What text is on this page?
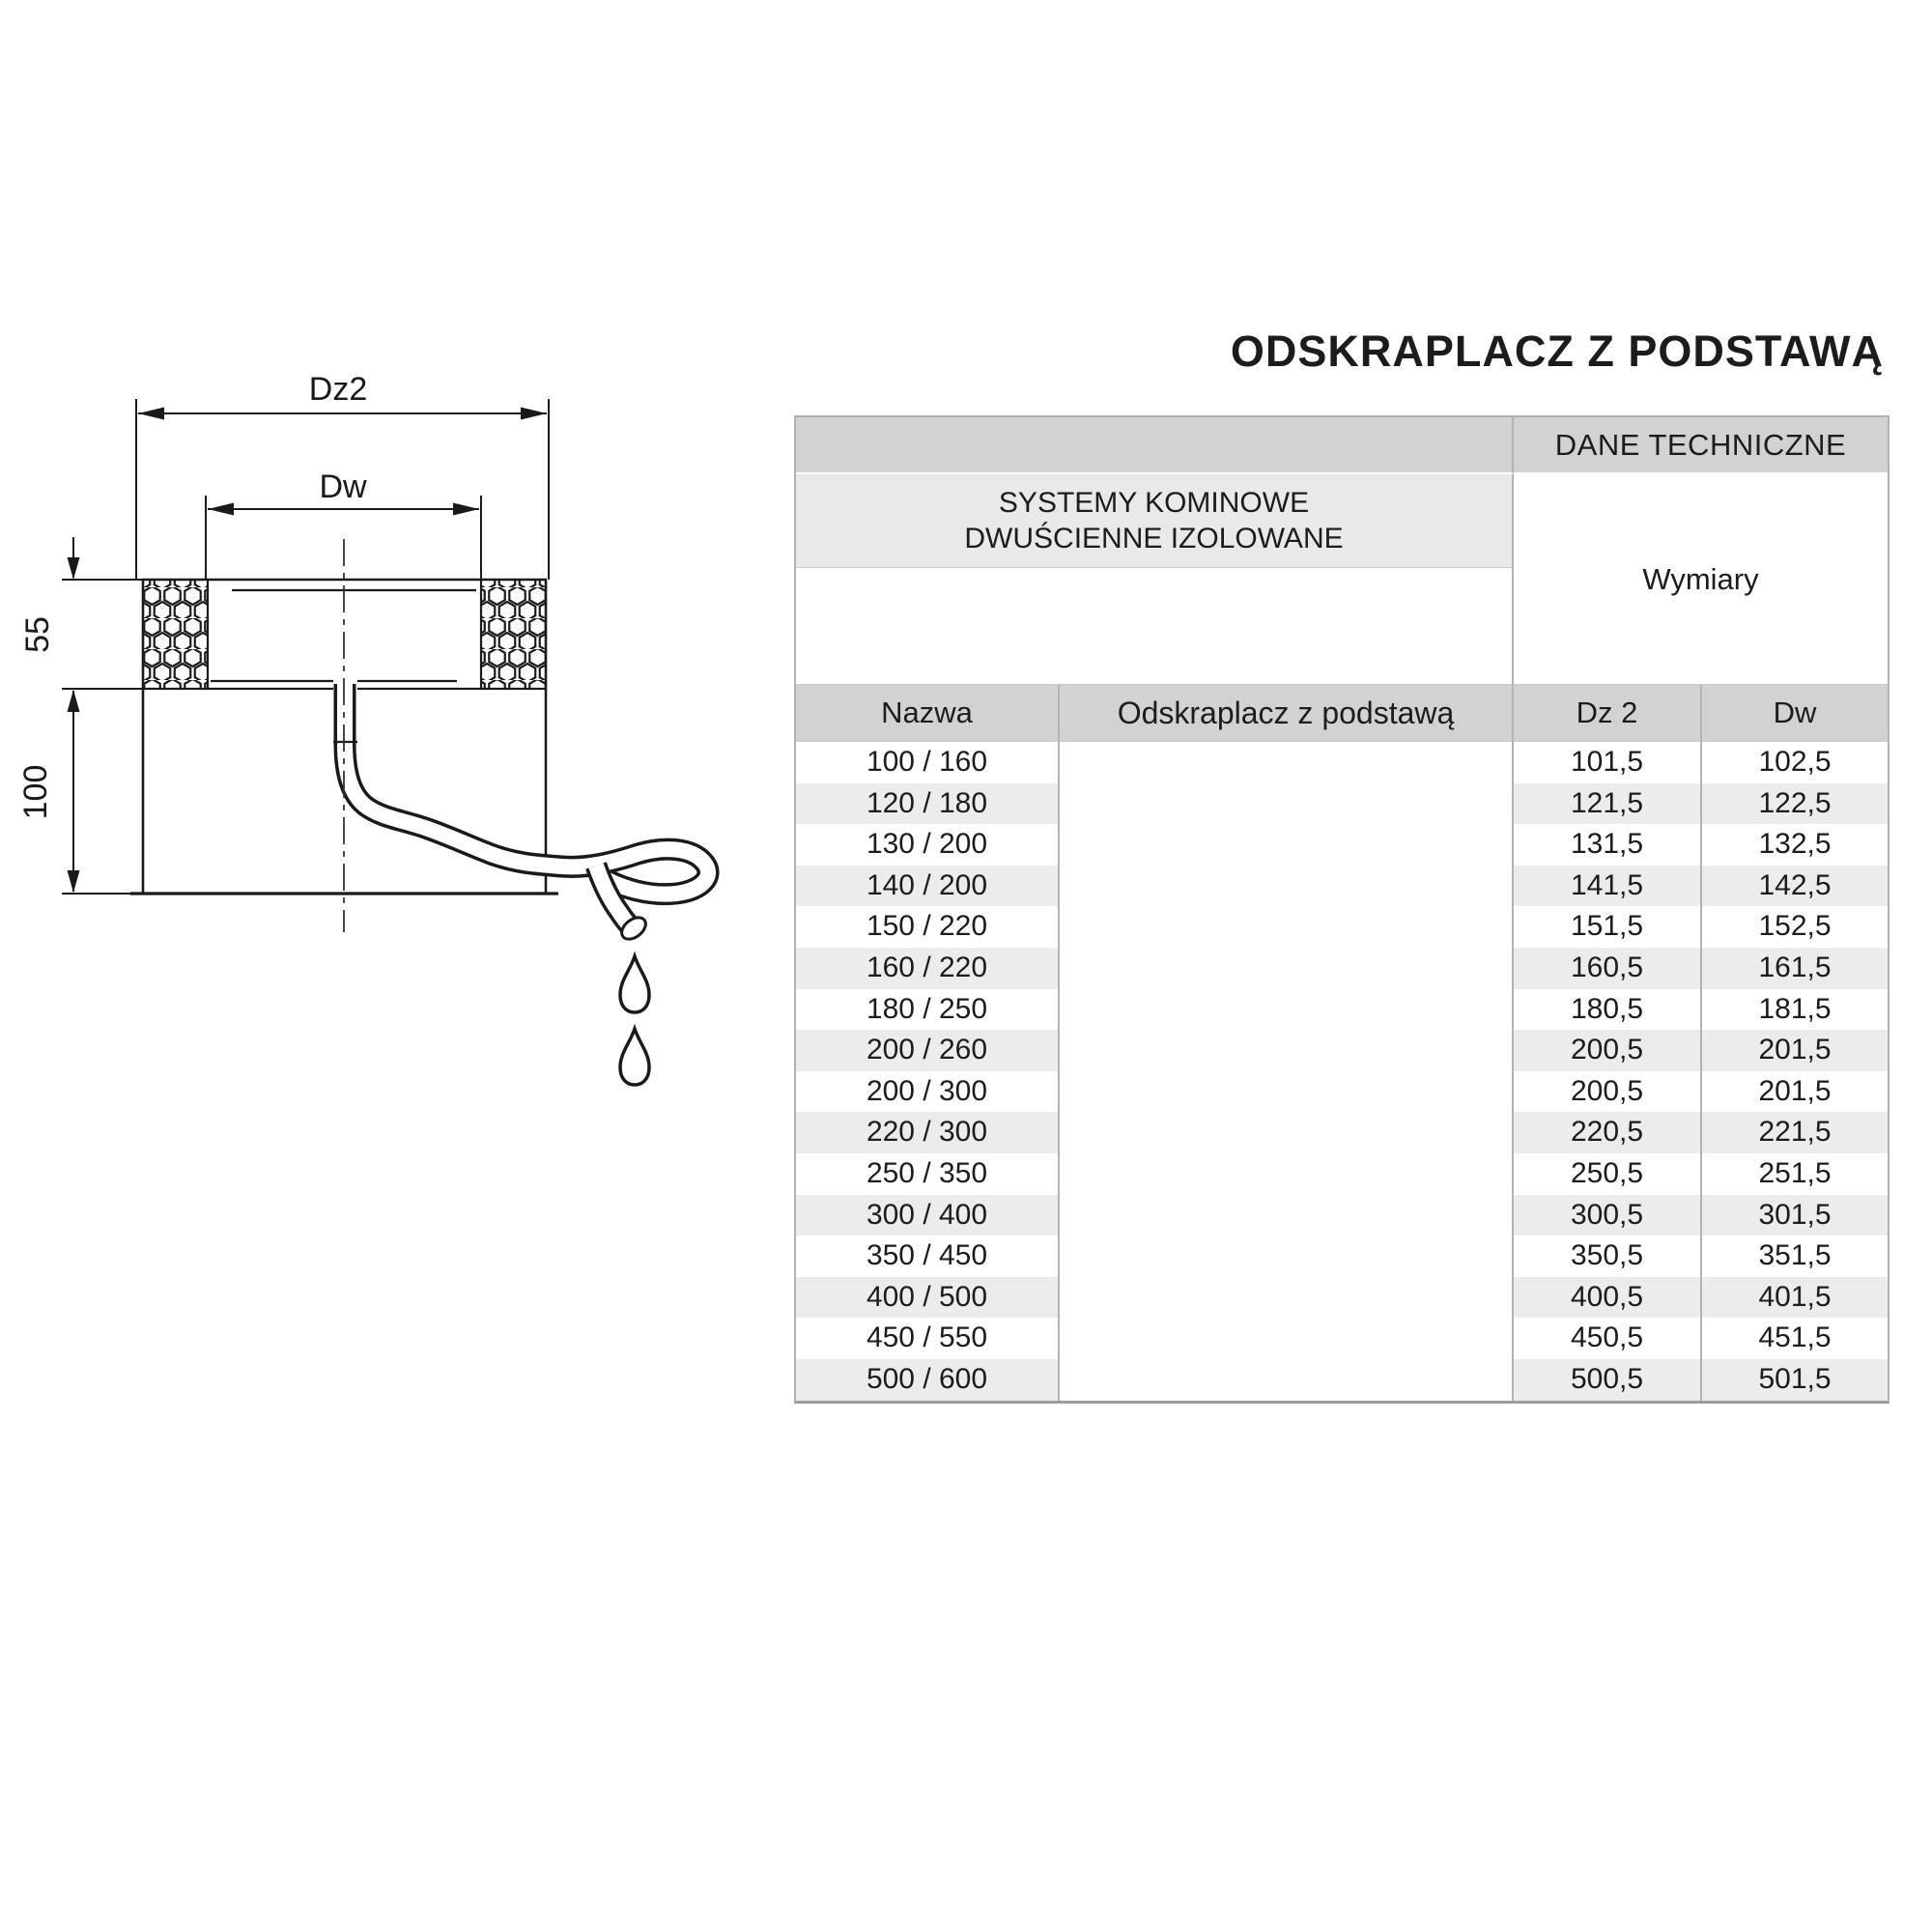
Dz2
Dw
55
100
ODSKRAPLACZ Z PODSTAWĄ
		DANE TECHNICZNE	
SYSTEMY KOMINOWE
DWUŚCIENNE IZOLOWANE		Wymiary	

Nazwa	Odskraplacz z podstawą	Dz 2	Dw
100 / 160		101,5	102,5
120 / 180		121,5	122,5
130 / 200		131,5	132,5
140 / 200		141,5	142,5
150 / 220		151,5	152,5
160 / 220		160,5	161,5
180 / 250		180,5	181,5
200 / 260		200,5	201,5
200 / 300		200,5	201,5
220 / 300		220,5	221,5
250 / 350		250,5	251,5
300 / 400		300,5	301,5
350 / 450		350,5	351,5
400 / 500		400,5	401,5
450 / 550		450,5	451,5
500 / 600		500,5	501,5
